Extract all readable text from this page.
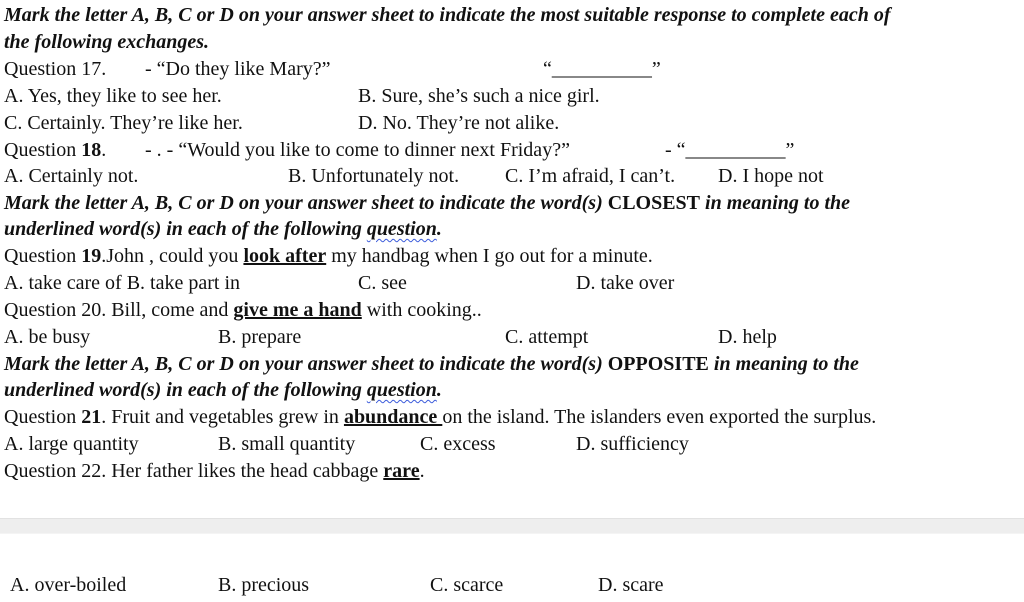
Mark the letter A, B, C or D on your answer sheet to indicate the most suitable response to complete each of
the following exchanges.
Question 17. - “Do they like Mary?”	“__________”
A. Yes, they like to see her.	B. Sure, she’s such a nice girl.
C. Certainly. They’re like her.	D. No. They’re not alike.
Question 18. - . - “Would you like to come to dinner next Friday?”	- “__________”
A. Certainly not.	B. Unfortunately not. C. I’m afraid, I can’t. D. I hope not
Mark the letter A, B, C or D on your answer sheet to indicate the word(s) CLOSEST in meaning to the
underlined word(s) in each of the following question.
Question 19.John , could you look after my handbag when I go out for a minute.
A. take care of B. take part in	C. see	D. take over
Question 20. Bill, come and give me a hand with cooking..
A. be busy	B. prepare	C. attempt	D. help
Mark the letter A, B, C or D on your answer sheet to indicate the word(s) OPPOSITE in meaning to the
underlined word(s) in each of the following question.
Question 21. Fruit and vegetables grew in abundance on the island. The islanders even exported the surplus.
A. large quantity	B. small quantity	C. excess	D. sufficiency
Question 22. Her father likes the head cabbage rare.
A. over-boiled	B. precious	C. scarce	D. scare
